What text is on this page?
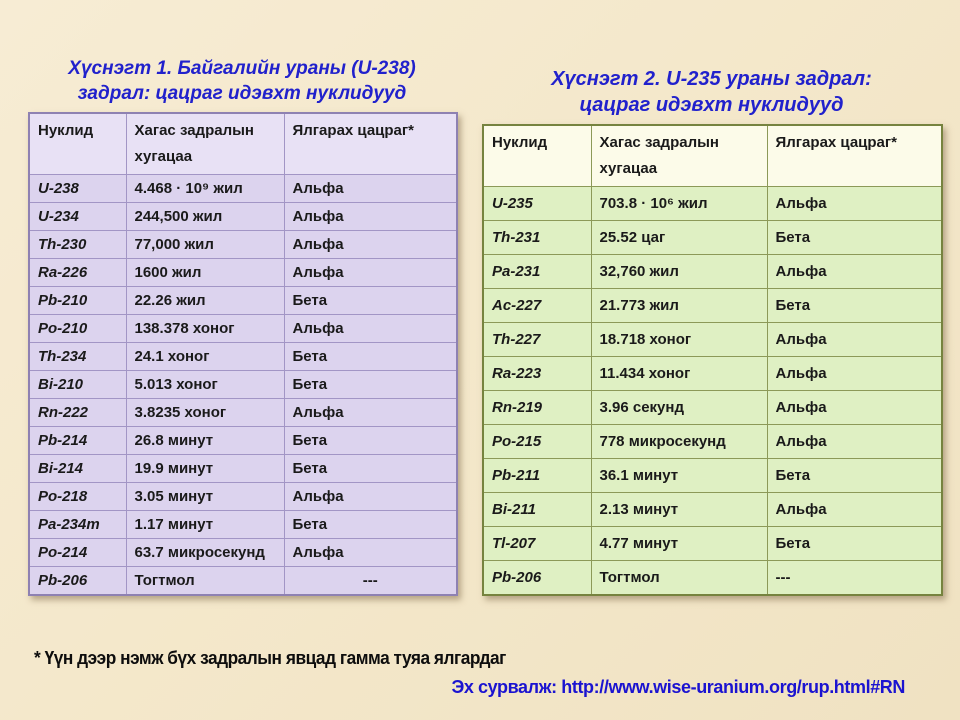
Хүснэгт 1. Байгалийн ураны (U-238)
задрал: цацраг идэвхт нуклидууд
Нуклид	Хагас задралын хугацаа	Ялгарах цацраг*
U-238	4.468 · 10⁹ жил	Альфа
U-234	244,500 жил	Альфа
Th-230	77,000 жил	Альфа
Ra-226	1600 жил	Альфа
Pb-210	22.26 жил	Бета
Po-210	138.378 хоног	Альфа
Th-234	24.1 хоног	Бета
Bi-210	5.013 хоног	Бета
Rn-222	3.8235 хоног	Альфа
Pb-214	26.8 минут	Бета
Bi-214	19.9 минут	Бета
Po-218	3.05 минут	Альфа
Pa-234m	1.17 минут	Бета
Po-214	63.7 микросекунд	Альфа
Pb-206	Тогтмол	---
Хүснэгт 2. U-235 ураны задрал:
цацраг идэвхт нуклидууд
Нуклид	Хагас задралын хугацаа	Ялгарах цацраг*
U-235	703.8 · 10⁶ жил	Альфа
Th-231	25.52 цаг	Бета
Pa-231	32,760 жил	Альфа
Ac-227	21.773 жил	Бета
Th-227	18.718 хоног	Альфа
Ra-223	11.434 хоног	Альфа
Rn-219	3.96 секунд	Альфа
Po-215	778 микросекунд	Альфа
Pb-211	36.1 минут	Бета
Bi-211	2.13 минут	Альфа
Tl-207	4.77 минут	Бета
Pb-206	Тогтмол	---
* Үүн дээр нэмж бүх задралын явцад гамма туяа ялгардаг
Эх сурвалж: http://www.wise-uranium.org/rup.html#RN
